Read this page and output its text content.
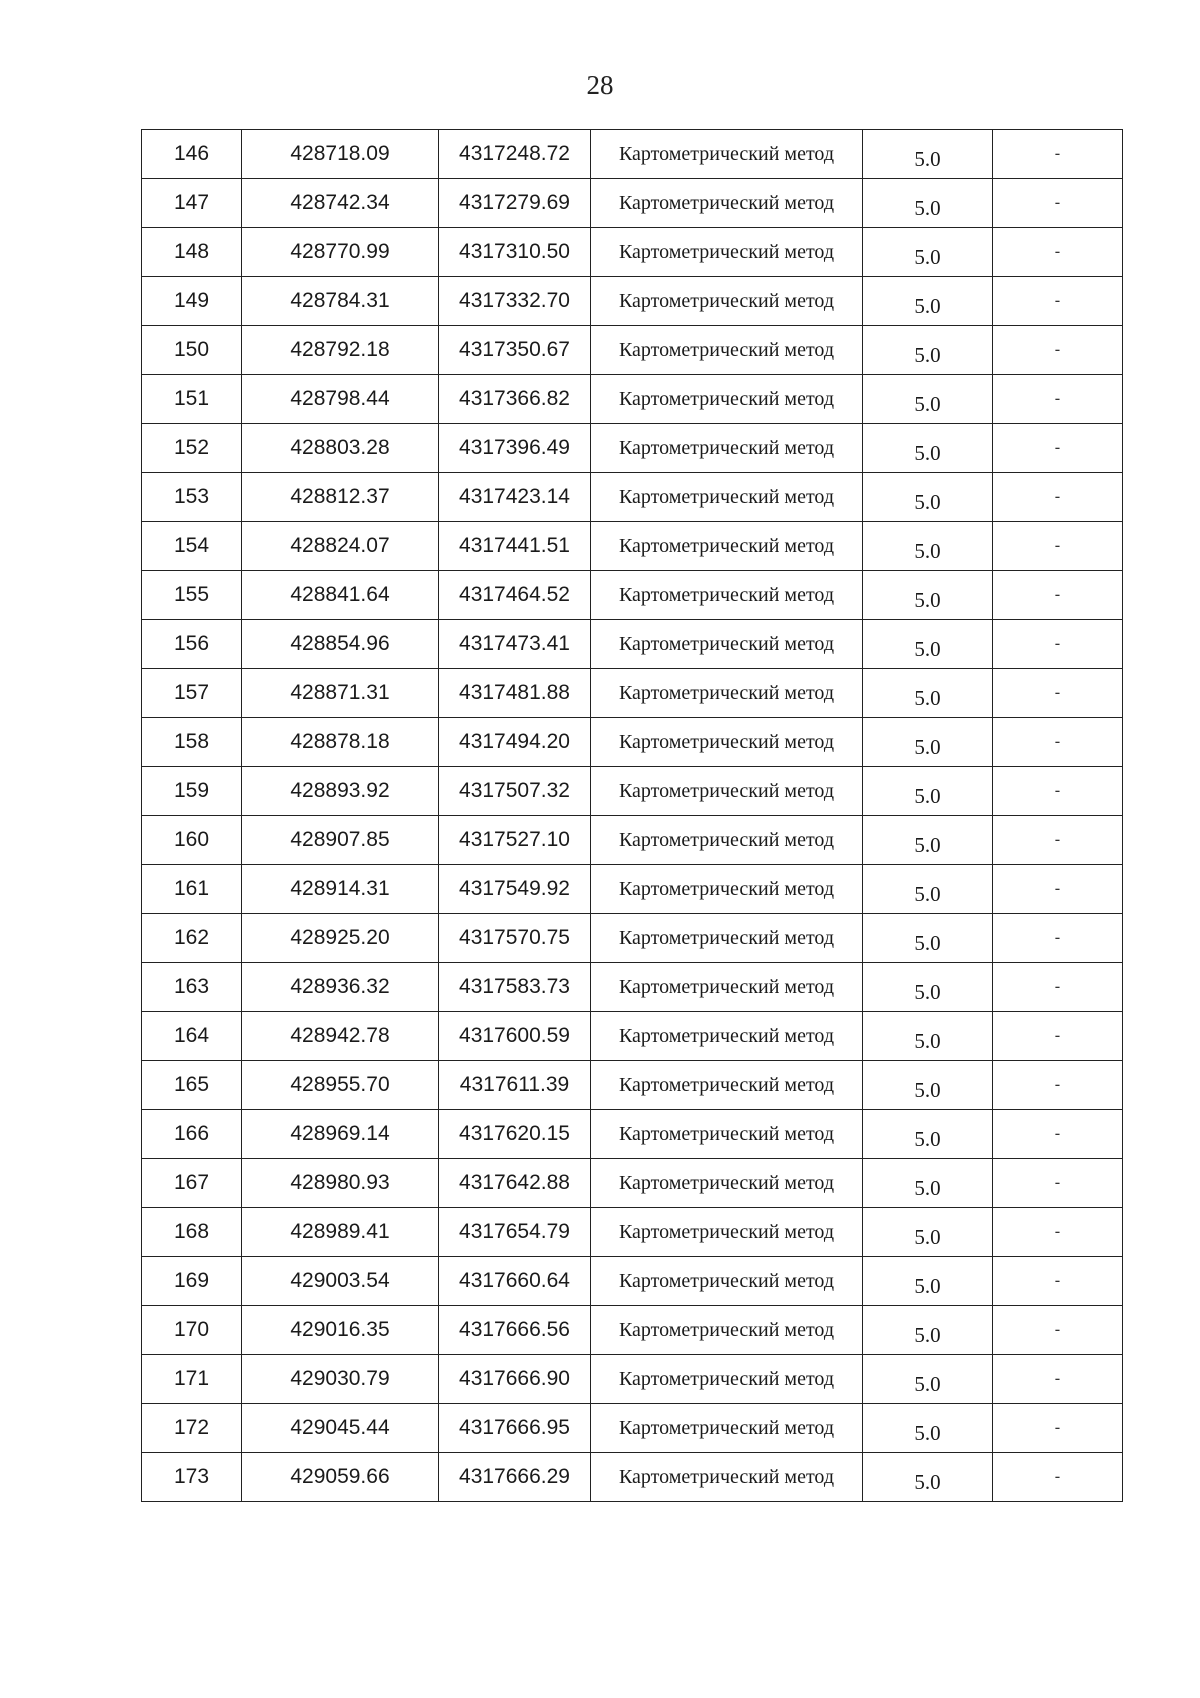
28
146	428718.09	4317248.72	Картометрический метод	5.0	-
147	428742.34	4317279.69	Картометрический метод	5.0	-
148	428770.99	4317310.50	Картометрический метод	5.0	-
149	428784.31	4317332.70	Картометрический метод	5.0	-
150	428792.18	4317350.67	Картометрический метод	5.0	-
151	428798.44	4317366.82	Картометрический метод	5.0	-
152	428803.28	4317396.49	Картометрический метод	5.0	-
153	428812.37	4317423.14	Картометрический метод	5.0	-
154	428824.07	4317441.51	Картометрический метод	5.0	-
155	428841.64	4317464.52	Картометрический метод	5.0	-
156	428854.96	4317473.41	Картометрический метод	5.0	-
157	428871.31	4317481.88	Картометрический метод	5.0	-
158	428878.18	4317494.20	Картометрический метод	5.0	-
159	428893.92	4317507.32	Картометрический метод	5.0	-
160	428907.85	4317527.10	Картометрический метод	5.0	-
161	428914.31	4317549.92	Картометрический метод	5.0	-
162	428925.20	4317570.75	Картометрический метод	5.0	-
163	428936.32	4317583.73	Картометрический метод	5.0	-
164	428942.78	4317600.59	Картометрический метод	5.0	-
165	428955.70	4317611.39	Картометрический метод	5.0	-
166	428969.14	4317620.15	Картометрический метод	5.0	-
167	428980.93	4317642.88	Картометрический метод	5.0	-
168	428989.41	4317654.79	Картометрический метод	5.0	-
169	429003.54	4317660.64	Картометрический метод	5.0	-
170	429016.35	4317666.56	Картометрический метод	5.0	-
171	429030.79	4317666.90	Картометрический метод	5.0	-
172	429045.44	4317666.95	Картометрический метод	5.0	-
173	429059.66	4317666.29	Картометрический метод	5.0	-
